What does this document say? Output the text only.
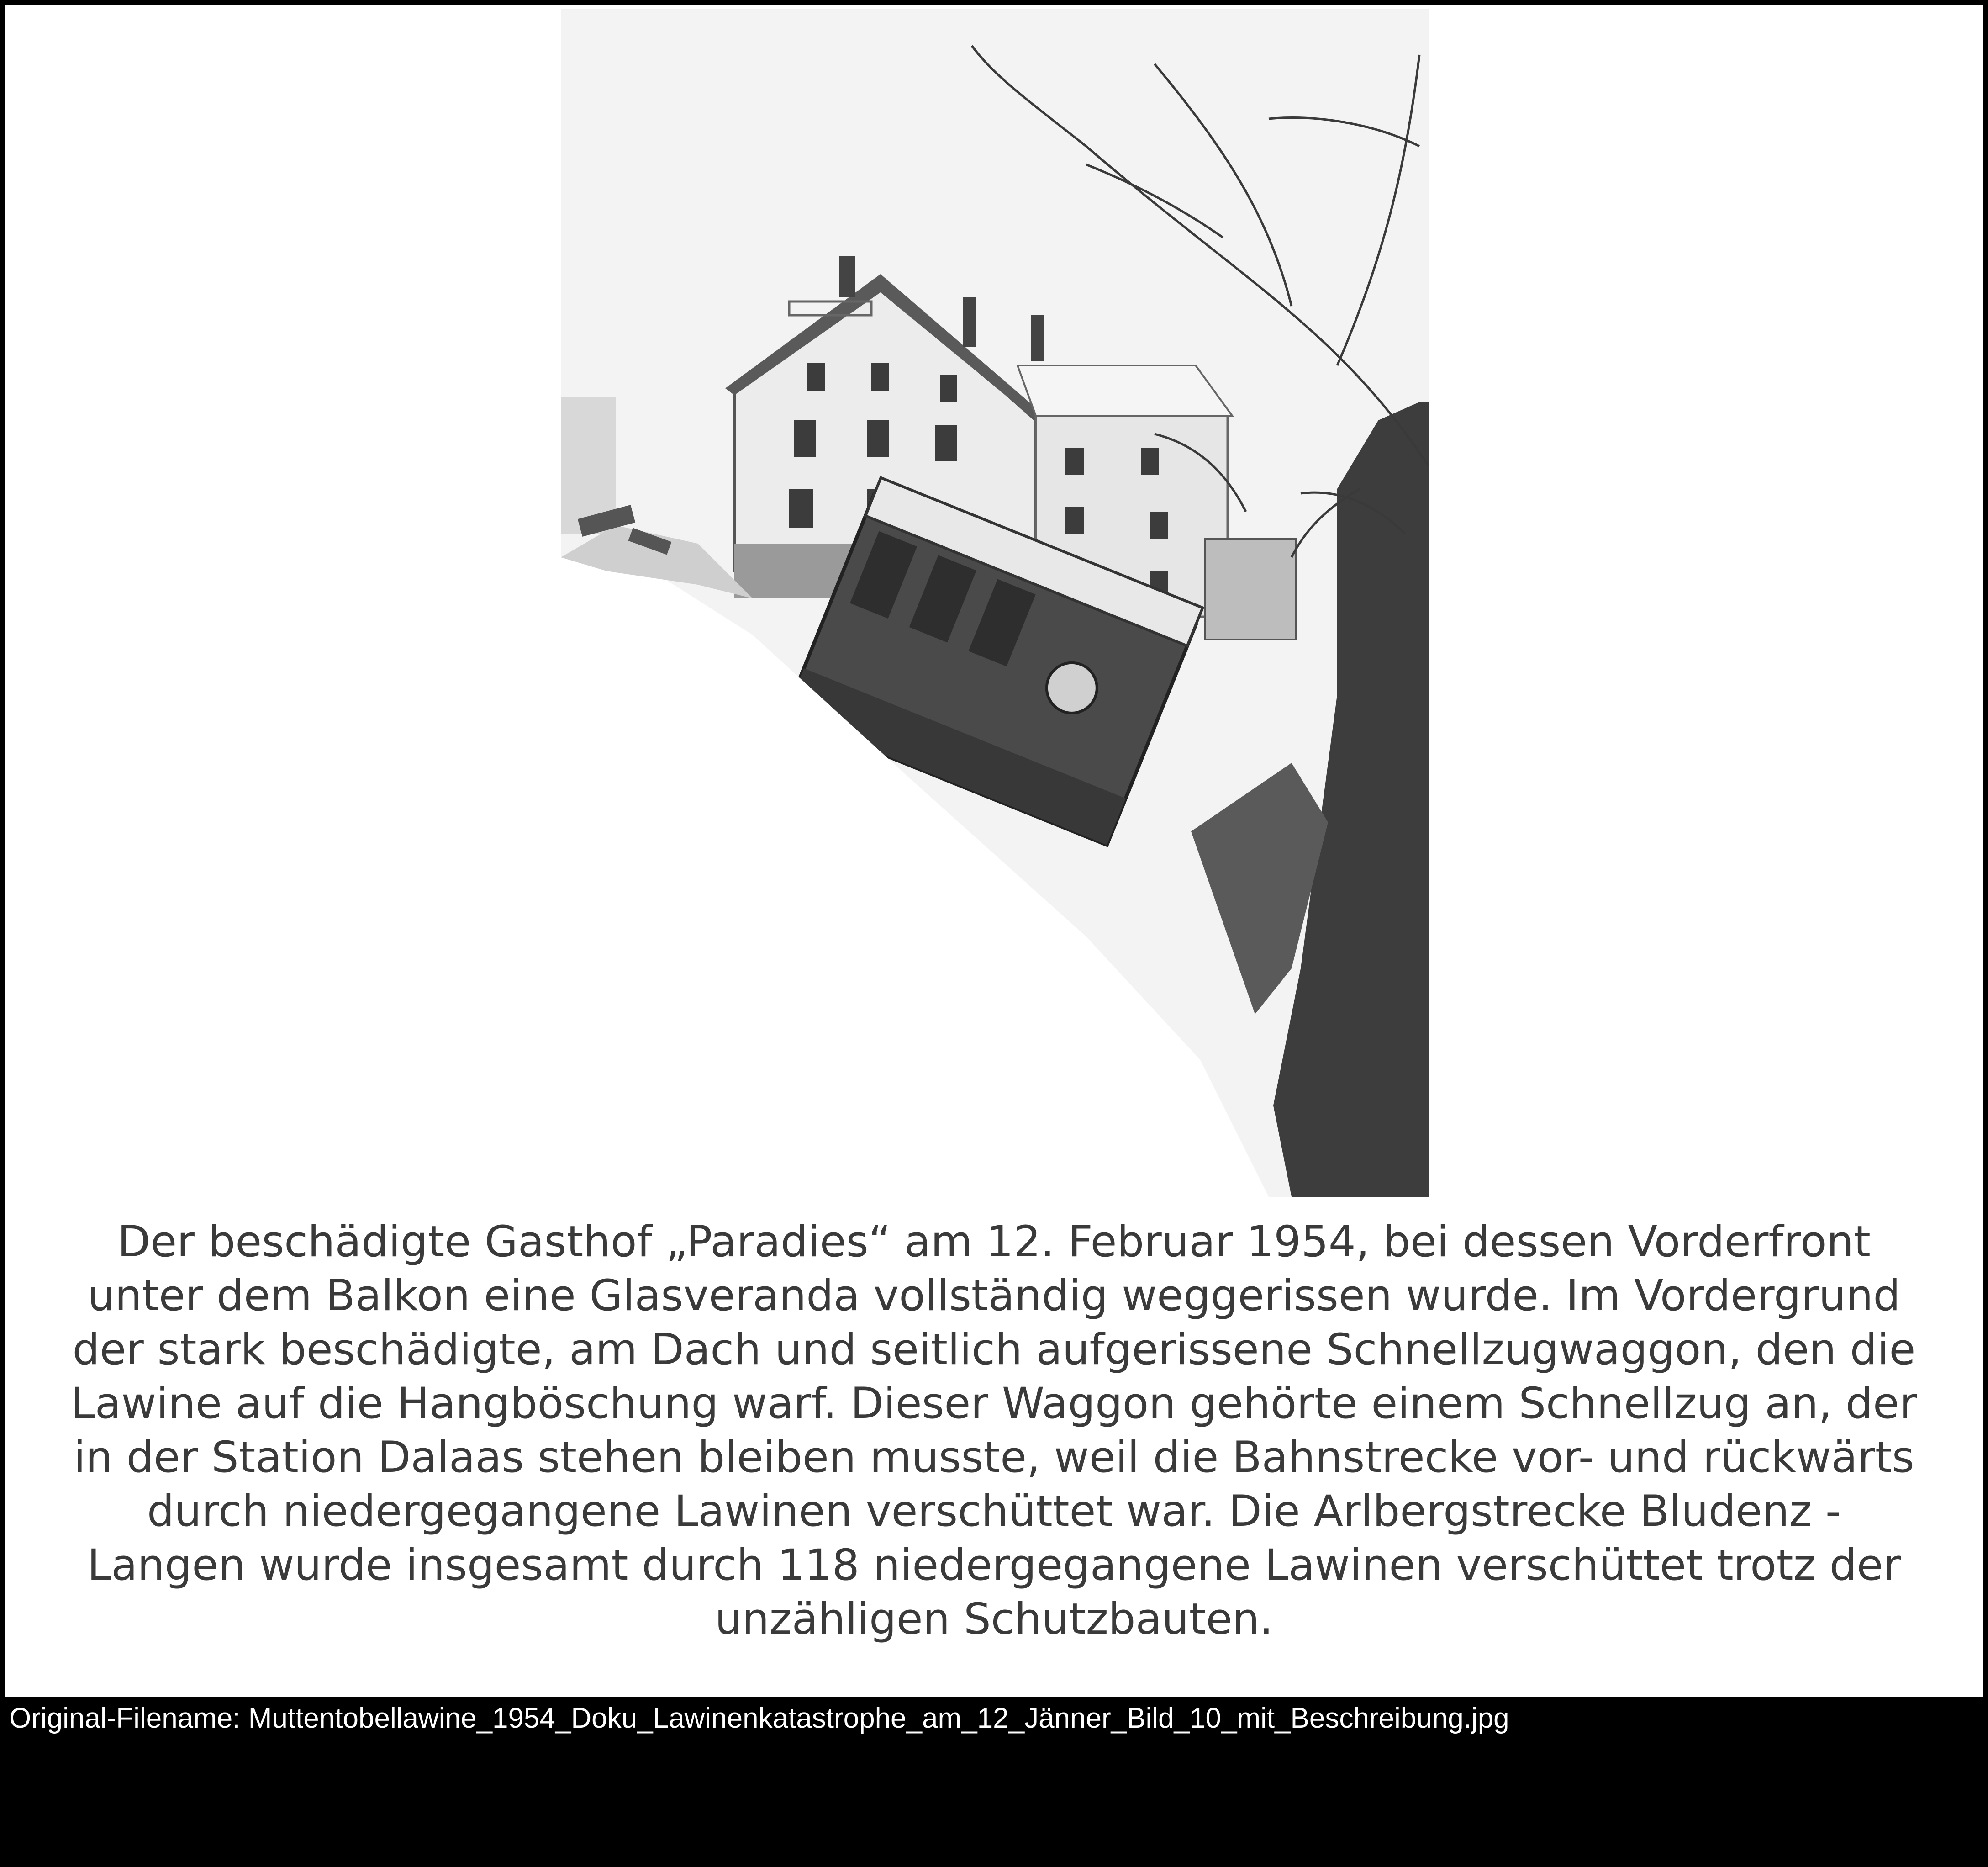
Der beschädigte Gasthof „Paradies“ am 12. Februar 1954, bei dessen Vorderfront
unter dem Balkon eine Glasveranda vollständig weggerissen wurde. Im Vordergrund
der stark beschädigte, am Dach und seitlich aufgerissene Schnellzugwaggon, den die
Lawine auf die Hangböschung warf. Dieser Waggon gehörte einem Schnellzug an, der
in der Station Dalaas stehen bleiben musste, weil die Bahnstrecke vor- und rückwärts
durch niedergegangene Lawinen verschüttet war. Die Arlbergstrecke Bludenz -
Langen wurde insgesamt durch 118 niedergegangene Lawinen verschüttet trotz der
unzähligen Schutzbauten.
Original-Filename: Muttentobellawine_1954_Doku_Lawinenkatastrophe_am_12_Jänner_Bild_10_mit_Beschreibung.jpg
